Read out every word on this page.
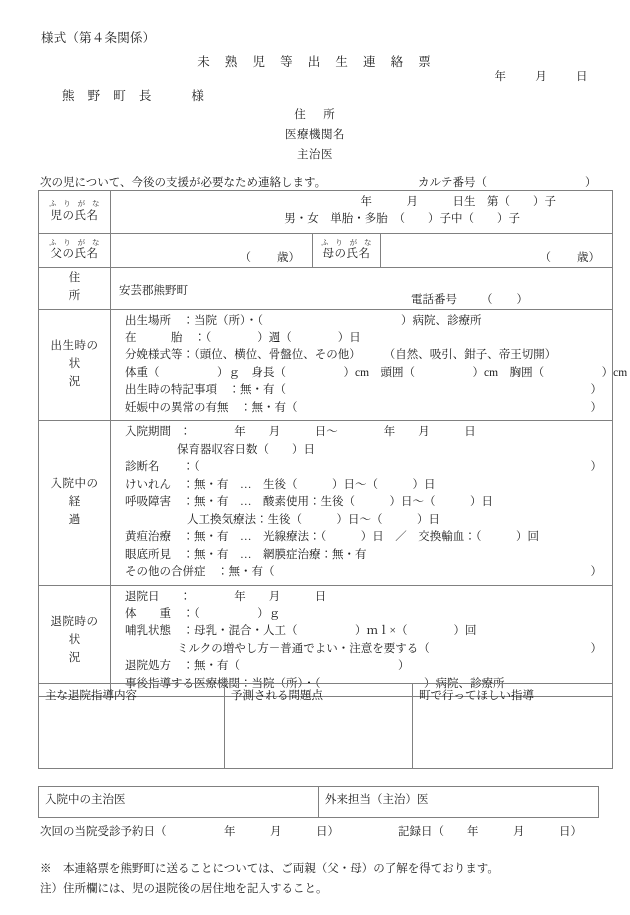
様式（第４条関係）
未 熟 児 等 出 生 連 絡 票
年	月	日
熊 野 町 長　　様
住　所
医療機関名
主治医
次の児について、今後の支援が必要なため連絡します。	カルテ番号（	）
ふ り が な
児の氏名

年　　　月　　　日生　第（　　）子
男・女　単胎・多胎　（　　）子中（　　）子

ふ り が な
父の氏名	（ 歳）	ふ り が な
母の氏名	（ 歳）

住　　　所	安芸郡熊野町
電話番号 （ ）		

出生時の
状　　況

出生場所　：当院（所）・（　　　　　　　　　　　　）病院、診療所
在　　　胎　：（　　　　）週（　　　　）日
分娩様式等：（頭位、横位、骨盤位、その他）　　　（自然、吸引、鉗子、帝王切開）
体重（　　　　　）ｇ　身長（　　　　　）cm　頭囲（　　　　　）cm　胸囲（　　　　　）cm
出生時の特記事項　：無・有（	）
妊娠中の異常の有無　：無・有（	）

入院中の
経　　過

入院期間　：　　　　年　　月　　　日～　　　　年　　月　　　日
保育器収容日数（　　）日
診断名　　：（	）
けいれん　：無・有　…　生後（　　　）日～（　　　）日
呼吸障害　：無・有　…　酸素使用：生後（　　　）日～（　　　）日
人工換気療法：生後（　　　）日～（　　　）日
黄疸治療　：無・有　…　光線療法：（　　　）日　／　交換輸血：（　　　）回
眼底所見　：無・有　…　網膜症治療：無・有
その他の合併症　：無・有（	）

退院時の
状　　況

退院日　　：　　　　年　　月　　　日
体　　重　：（　　　　　）ｇ
哺乳状態　：母乳・混合・人工（　　　　　）ｍｌ×（　　　　）回
ミルクの増やし方－普通でよい・注意を要する（	）
退院処方　：無・有（	）
事後指導する医療機関：当院（所）・（　　　　　　　　　）病院、診療所
主な退院指導内容	予測される問題点	町で行ってほしい指導
入院中の主治医	外来担当（主治）医
次回の当院受診予約日（　　　　　年　　　月　　　日）	記録日（　　年　　　月　　　日）
※　本連絡票を熊野町に送ることについては、ご両親（父・母）の了解を得ております。
注）住所欄には、児の退院後の居住地を記入すること。
